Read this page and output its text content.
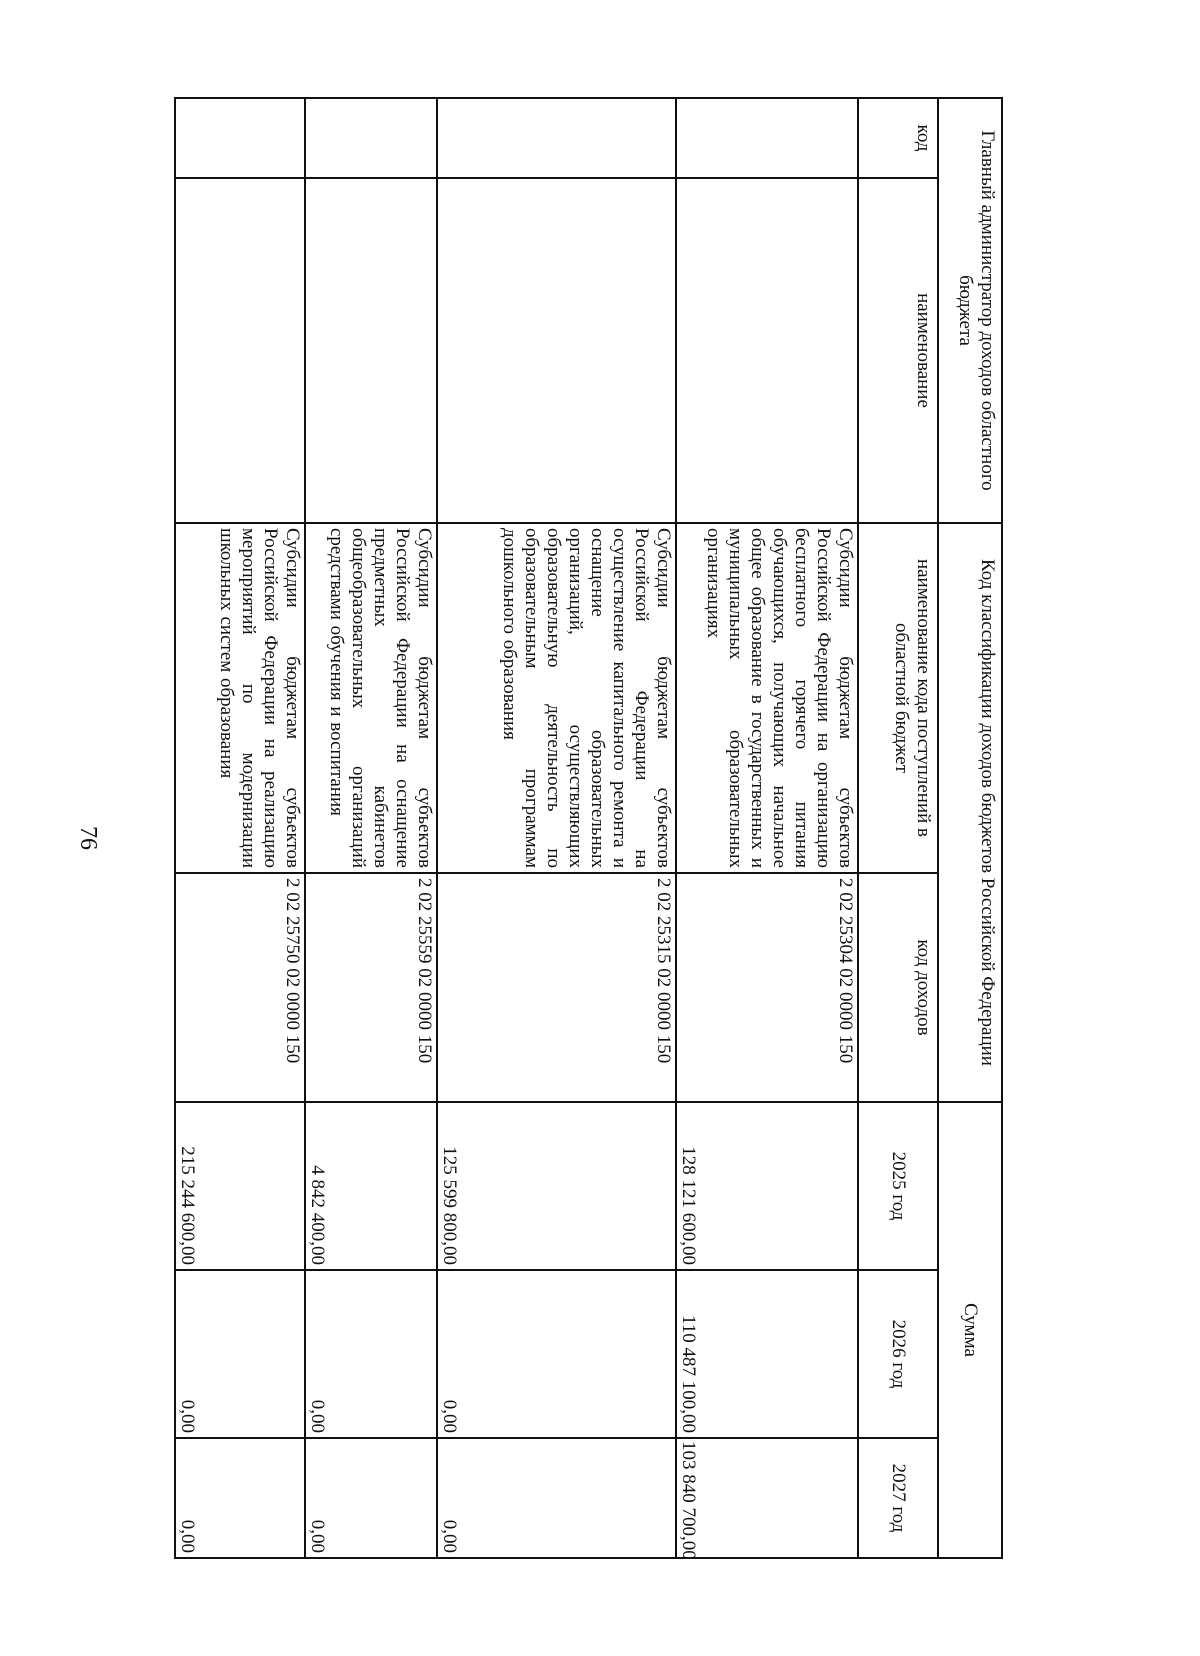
76
Главный администратор доходов областного бюджета		Код классификации доходов бюджетов Российской Федерации		Сумма		
код	наименование	наименование кода поступлений в областной бюджет	код доходов	2025 год	2026 год	2027 год
		Субсидии бюджетам субъектов Российской Федерации на организацию бесплатного горячего питания обучающихся, получающих начальное общее образование в государственных и муниципальных образовательных организациях	2 02 25304 02 0000 150	128 121 600,00	110 487 100,00	103 840 700,00
		Субсидии бюджетам субъектов Российской Федерации на осуществление капитального ремонта и оснащение образовательных организаций, осуществляющих образовательную деятельность по образовательным программам дошкольного образования	2 02 25315 02 0000 150	125 599 800,00	0,00	0,00
		Субсидии бюджетам субъектов Российской Федерации на оснащение предметных кабинетов общеобразовательных организаций средствами обучения и воспитания	2 02 25559 02 0000 150	4 842 400,00	0,00	0,00
		Субсидии бюджетам субъектов Российской Федерации на реализацию мероприятий по модернизации школьных систем образования	2 02 25750 02 0000 150	215 244 600,00	0,00	0,00
